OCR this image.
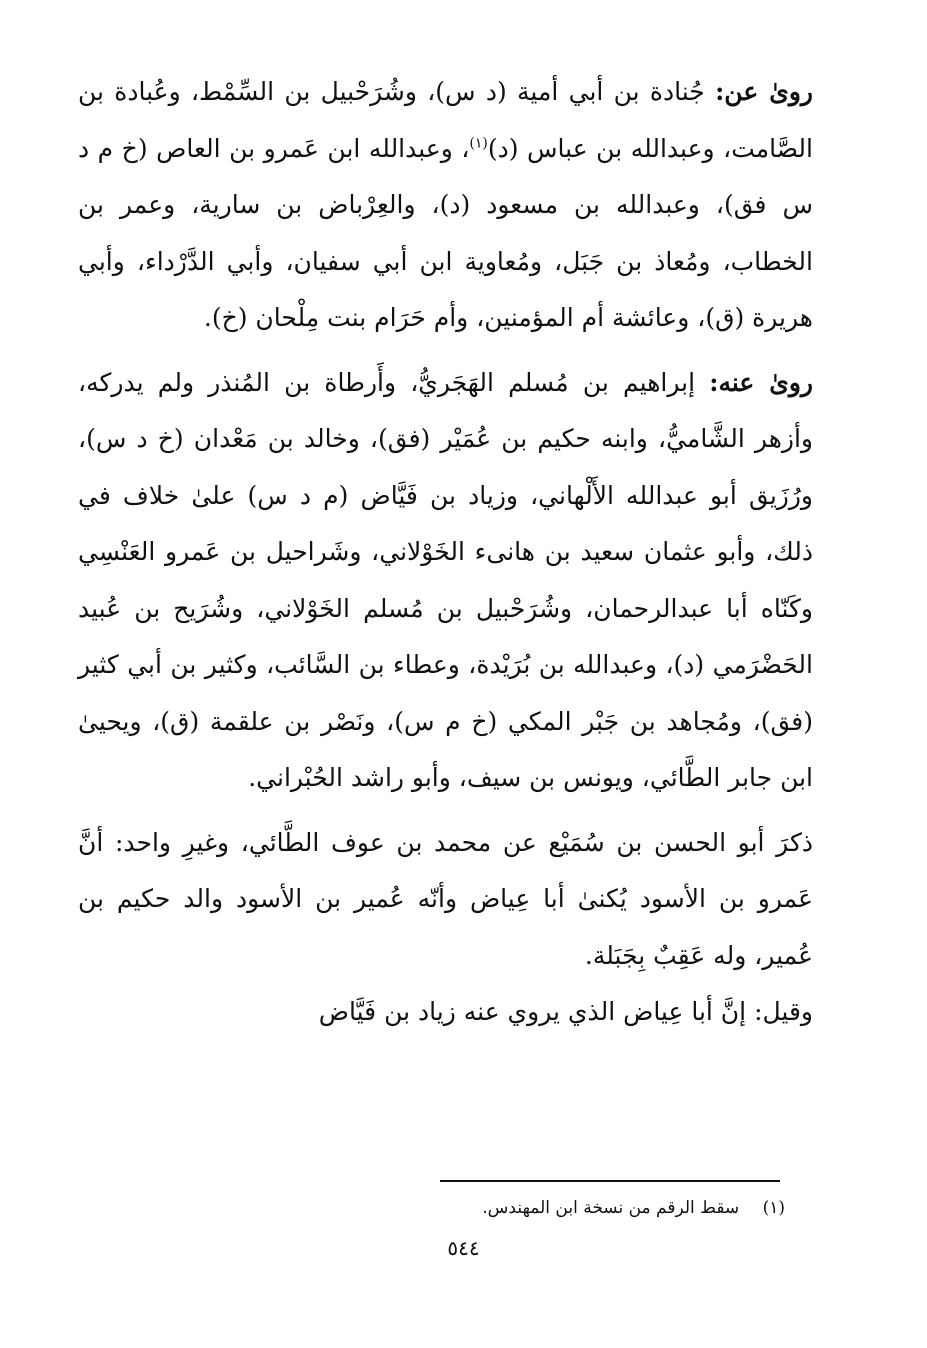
روىٰ عن: جُنادة بن أبي أمية (د س)، وشُرَحْبيل بن السِّمْط، وعُبادة بن الصَّامت، وعبدالله بن عباس (د)$^{(١)}$، وعبدالله ابن عَمرو بن العاص (خ م د س فق)، وعبدالله بن مسعود (د)، والعِرْباض بن سارية، وعمر بن الخطاب، ومُعاذ بن جَبَل، ومُعاوية ابن أبي سفيان، وأبي الدَّرْداء، وأبي هريرة (ق)، وعائشة أم المؤمنين، وأم حَرَام بنت مِلْحان (خ).

روىٰ عنه: إبراهيم بن مُسلم الهَجَريُّ، وأَرطاة بن المُنذر ولم يدركه، وأزهر الشَّاميُّ، وابنه حكيم بن عُمَيْر (فق)، وخالد بن مَعْدان (خ د س)، ورُزَيق أبو عبدالله الأَلْهاني، وزياد بن فَيَّاض (م د س) علىٰ خلاف في ذلك، وأبو عثمان سعيد بن هانىء الخَوْلاني، وشَراحيل بن عَمرو العَنْسِي وكَنّاه أبا عبدالرحمان، وشُرَحْبيل بن مُسلم الخَوْلاني، وشُرَيح بن عُبيد الحَضْرَمي (د)، وعبدالله بن بُرَيْدة، وعطاء بن السَّائب، وكثير بن أبي كثير (فق)، ومُجاهد بن جَبْر المكي (خ م س)، ونَصْر بن علقمة (ق)، ويحيىٰ ابن جابر الطَّائي، ويونس بن سيف، وأبو راشد الحُبْراني.

ذكرَ أبو الحسن بن سُمَيْع عن محمد بن عوف الطَّائي، وغيرِ واحد: أنَّ عَمرو بن الأسود يُكنىٰ أبا عِياض وأنّه عُمير بن الأسود والد حكيم بن عُمير، وله عَقِبٌ بِجَبَلة.

وقيل: إنَّ أبا عِياض الذي يروي عنه زياد بن فَيَّاض

(١) سقط الرقم من نسخة ابن المهندس.
٥٤٤
